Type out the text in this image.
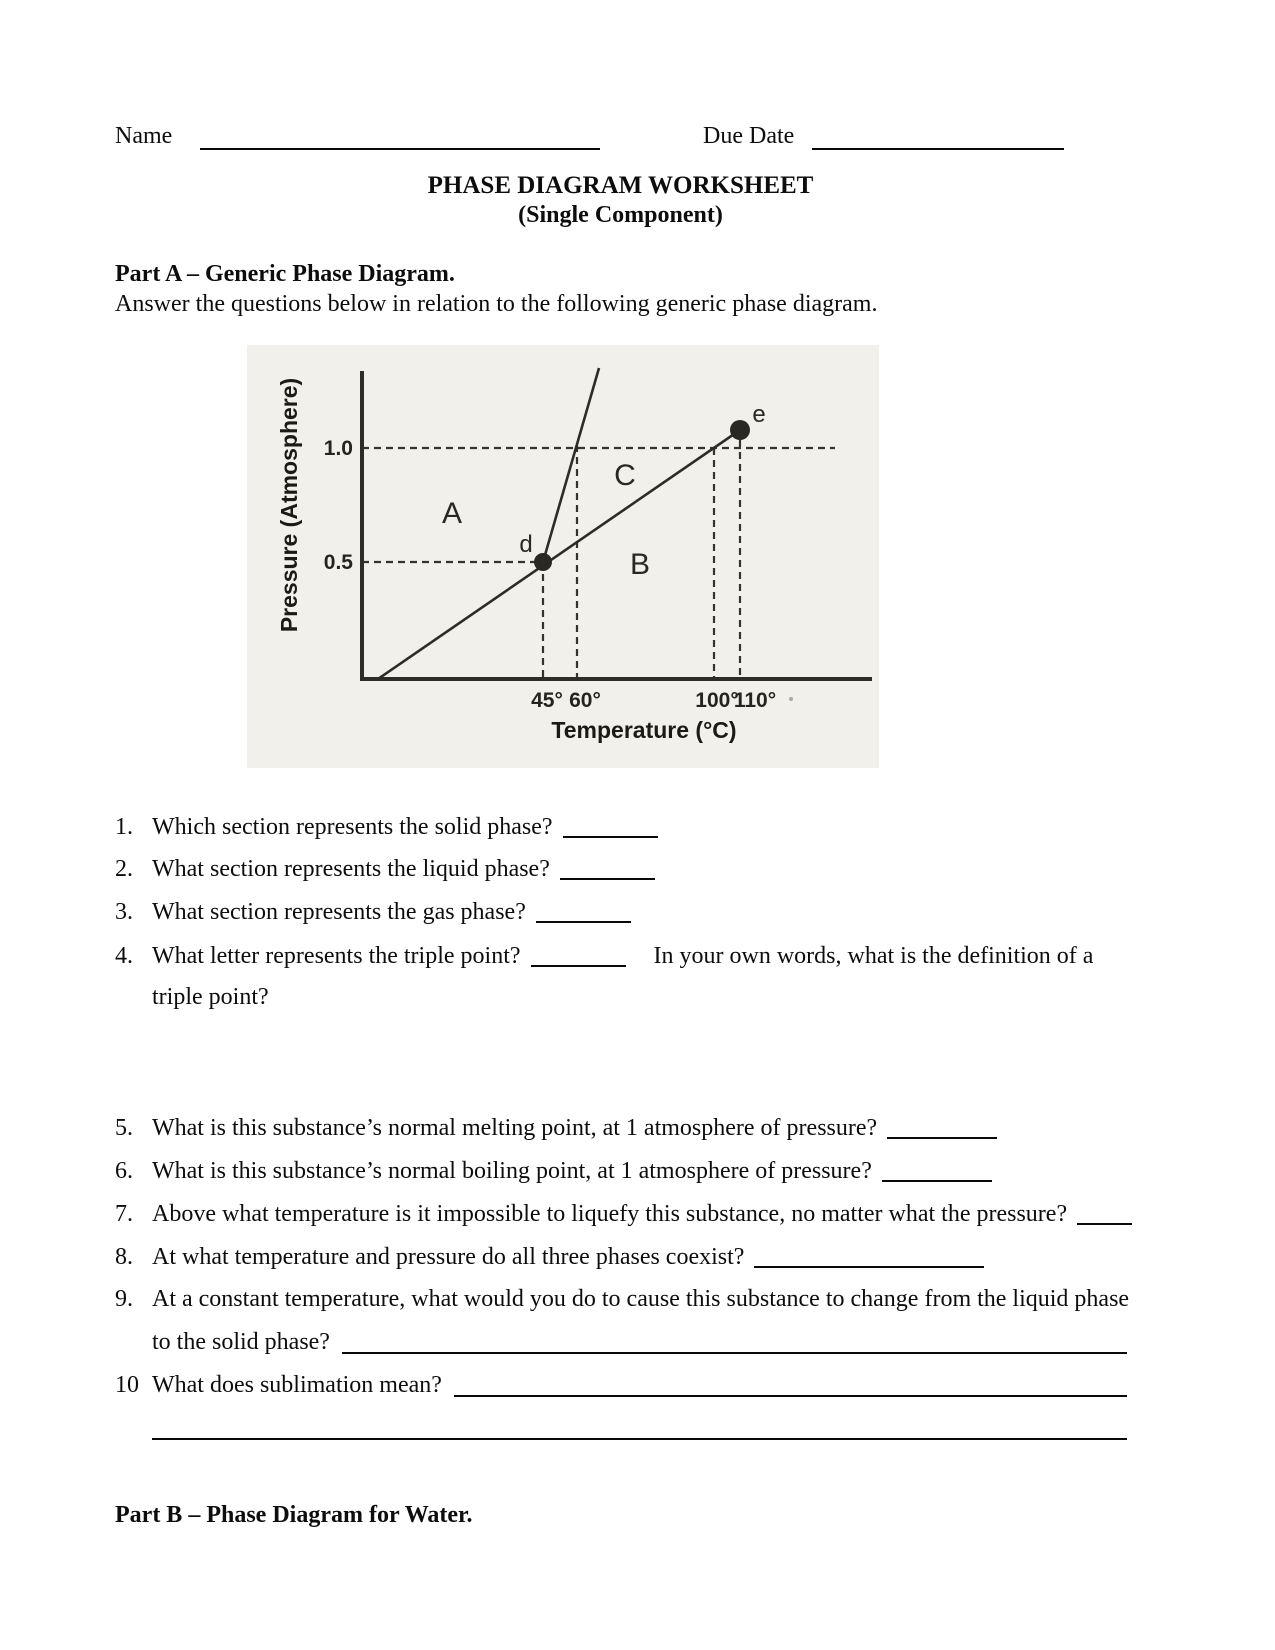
Name	Due Date
PHASE DIAGRAM WORKSHEET
(Single Component)
Part A – Generic Phase Diagram.
Answer the questions below in relation to the following generic phase diagram.
d
e
A
B
C
1.0
0.5
45° 60°	100°
110°
Temperature (°C)
Pressure (Atmosphere)
1. Which section represents the solid phase?
2. What section represents the liquid phase?
3. What section represents the gas phase?
4. What letter represents the triple point?	In your own words, what is the definition of a
triple point?
5. What is this substance’s normal melting point, at 1 atmosphere of pressure?
6. What is this substance’s normal boiling point, at 1 atmosphere of pressure?
7. Above what temperature is it impossible to liquefy this substance, no matter what the pressure?
8. At what temperature and pressure do all three phases coexist?
9. At a constant temperature, what would you do to cause this substance to change from the liquid phase
to the solid phase?
10 What does sublimation mean?
Part B – Phase Diagram for Water.
